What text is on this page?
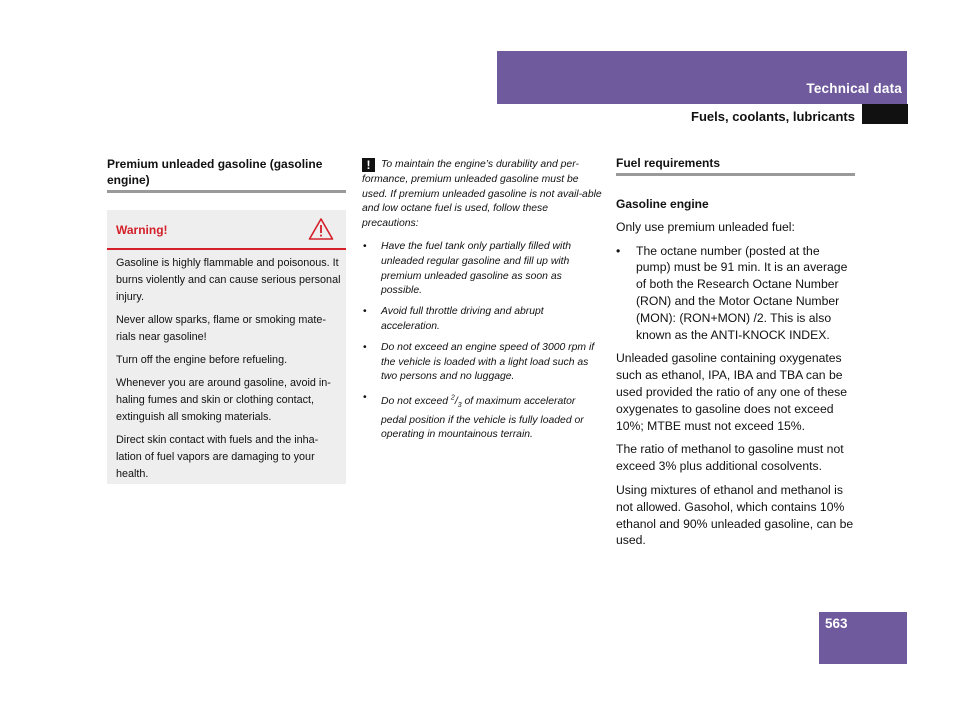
Technical data
Fuels, coolants, lubricants
Premium unleaded gasoline (gasoline engine)
Warning!

Gasoline is highly flammable and poisonous. It burns violently and can cause serious personal injury.

Never allow sparks, flame or smoking mate-rials near gasoline!

Turn off the engine before refueling.

Whenever you are around gasoline, avoid in-haling fumes and skin or clothing contact, extinguish all smoking materials.

Direct skin contact with fuels and the inha-lation of fuel vapors are damaging to your health.

! To maintain the engine’s durability and per-formance, premium unleaded gasoline must be used. If premium unleaded gasoline is not avail-able and low octane fuel is used, follow these precautions:

• Have the fuel tank only partially filled with unleaded regular gasoline and fill up with premium unleaded gasoline as soon as possible.
• Avoid full throttle driving and abrupt acceleration.
• Do not exceed an engine speed of 3000 rpm if the vehicle is loaded with a light load such as two persons and no luggage.
• Do not exceed $^2/_3$ of maximum accelerator pedal position if the vehicle is fully loaded or operating in mountainous terrain.
Fuel requirements

Gasoline engine

Only use premium unleaded fuel:

• The octane number (posted at the pump) must be 91 min. It is an average of both the Research Octane Number (RON) and the Motor Octane Number (MON): (RON+MON) /2. This is also known as the ANTI-KNOCK INDEX.

Unleaded gasoline containing oxygenates such as ethanol, IPA, IBA and TBA can be used provided the ratio of any one of these oxygenates to gasoline does not exceed 10%; MTBE must not exceed 15%.

The ratio of methanol to gasoline must not exceed 3% plus additional cosolvents.

Using mixtures of ethanol and methanol is not allowed. Gasohol, which contains 10% ethanol and 90% unleaded gasoline, can be used.

563
